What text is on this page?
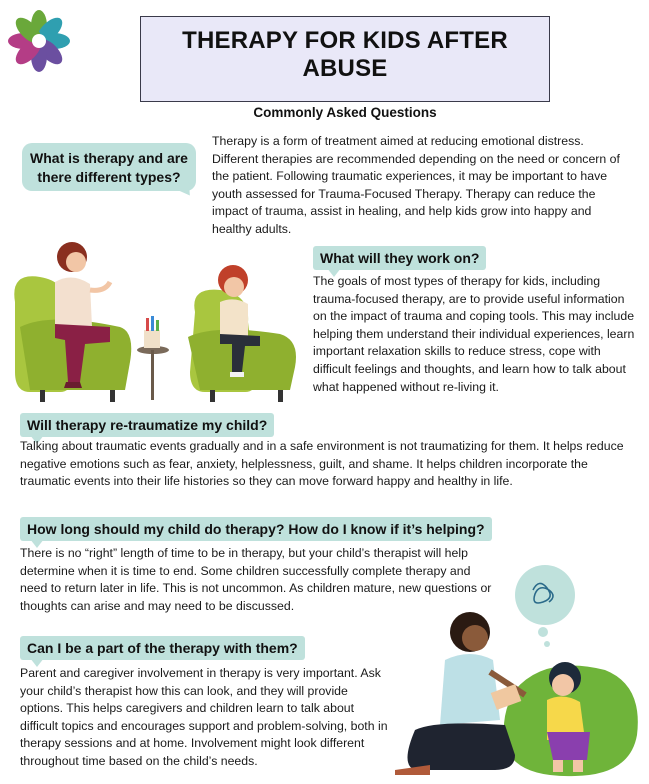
THERAPY FOR KIDS AFTER ABUSE
Commonly Asked Questions
What is therapy and are there different types?
Therapy is a form of treatment aimed at reducing emotional distress. Different therapies are recommended depending on the need or concern of the patient. Following traumatic experiences, it may be important to have youth assessed for Trauma-Focused Therapy. Therapy can reduce the impact of trauma, assist in healing, and help kids grow into happy and healthy adults.
What will they work on?
The goals of most types of therapy for kids, including trauma-focused therapy, are to provide useful information on the impact of trauma and coping tools. This may include helping them understand their individual experiences, learn important relaxation skills to reduce stress, cope with difficult feelings and thoughts, and learn how to talk about what happened without re-living it.
Will therapy re-traumatize my child?
Talking about traumatic events gradually and in a safe environment is not traumatizing for them. It helps reduce negative emotions such as fear, anxiety, helplessness, guilt, and shame. It helps children incorporate the traumatic events into their life histories so they can move forward happy and healthy in life.
How long should my child do therapy? How do I know if it’s helping?
There is no “right” length of time to be in therapy, but your child’s therapist will help determine when it is time to end. Some children successfully complete therapy and need to return later in life. This is not uncommon. As children mature, new questions or thoughts can arise and may need to be discussed.
Can I be a part of the therapy with them?
Parent and caregiver involvement in therapy is very important. Ask your child’s therapist how this can look, and they will provide options. This helps caregivers and children learn to talk about difficult topics and encourages support and problem-solving, both in therapy sessions and at home. Involvement might look different throughout time based on the child’s needs.
